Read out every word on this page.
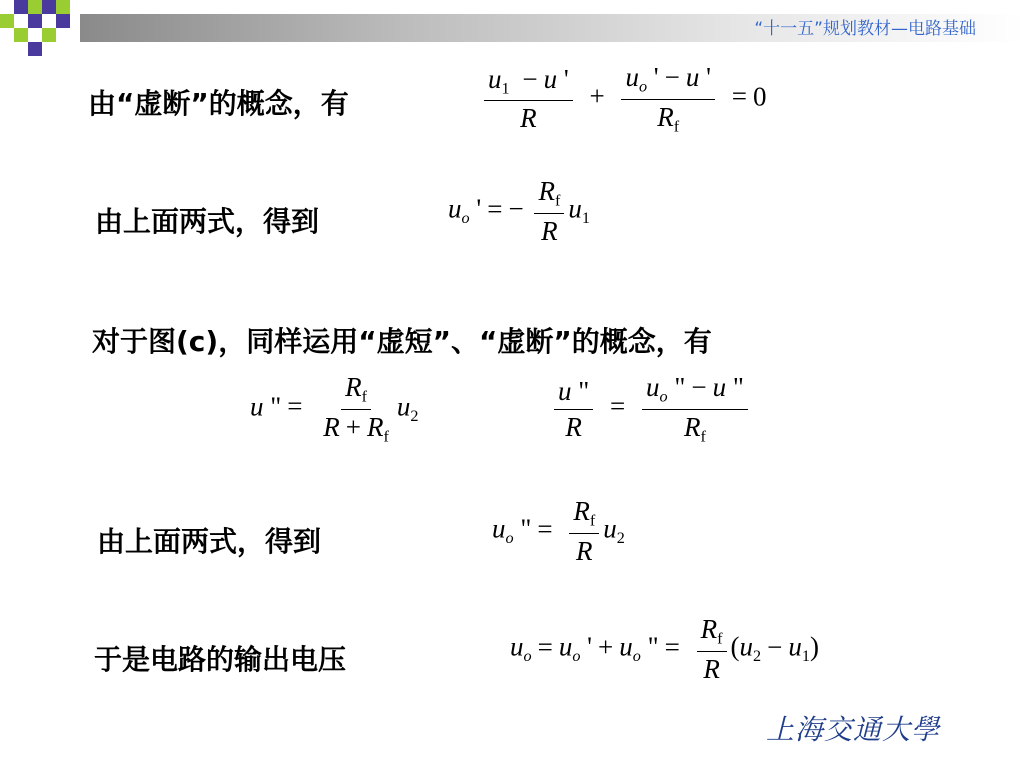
“十一五”规划教材—电路基础
由“虚断”的概念，有	$\frac{u_1 - u '}{R} + \frac{u_o ' - u '}{R_f} = 0$
由上面两式，得到	$u_o$ ' = − $\frac{R_f}{R} u_1$
对于图(c)，同样运用“虚短”、“虚断”的概念，有
u " = $\frac{R_f}{R + R_f} u_2$	$\frac{u "}{R} = \frac{u_o " - u "}{R_f}$
由上面两式，得到	$u_o$ " = $\frac{R_f}{R} u_2$
于是电路的输出电压	$u_o = u_o$ ' + $u_o$ " = $\frac{R_f}{R} (u_2 - u_1)$
上海交通大學
